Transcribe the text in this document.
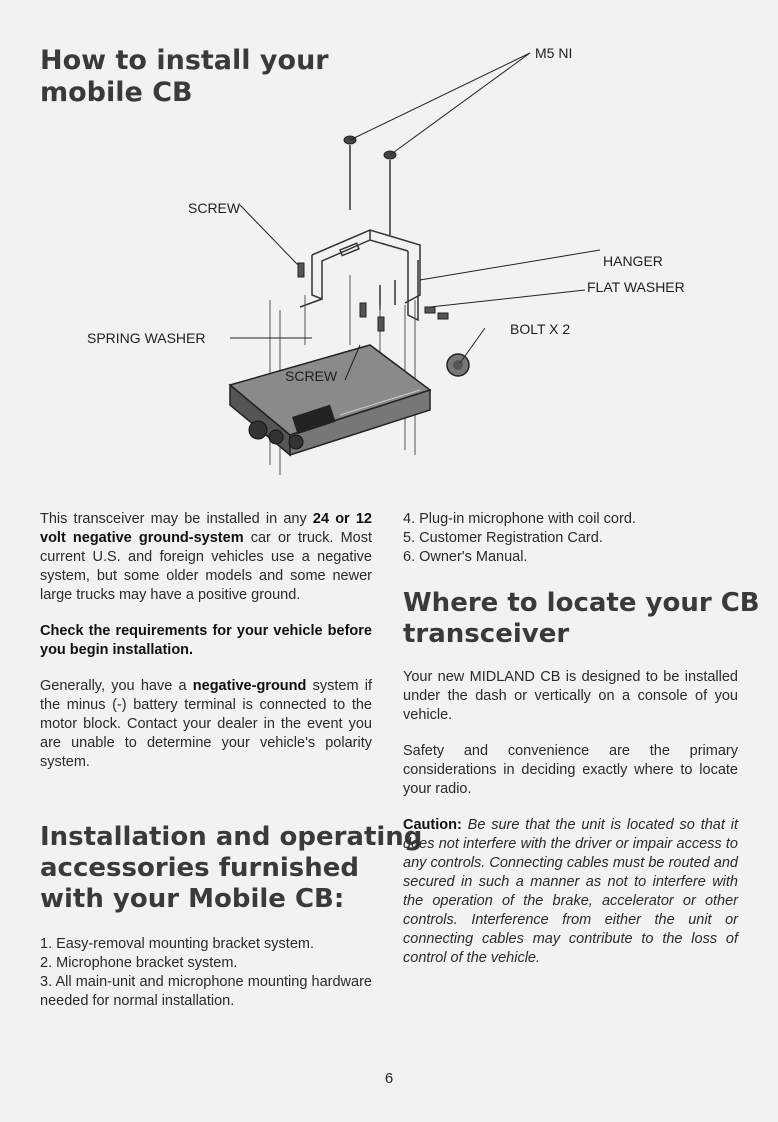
How to install your
mobile CB
M5 NI
SCREW
HANGER
FLAT WASHER
BOLT X 2
SPRING WASHER
SCREW

This transceiver may be installed in any 24 or 12 volt negative ground-system car or truck. Most current U.S. and foreign vehicles use a negative system, but some older models and some newer large trucks may have a positive ground.

Check the requirements for your vehicle before you begin installation.

Generally, you have a negative-ground system if the minus (-) battery terminal is connected to the motor block. Contact your dealer in the event you are unable to determine your vehicle's polarity system.

Installation and operating
accessories furnished
with your Mobile CB:
1. Easy-removal mounting bracket system.
2. Microphone bracket system.
3. All main-unit and microphone mounting hardware needed for normal installation.
4. Plug-in microphone with coil cord.
5. Customer Registration Card.
6. Owner's Manual.
Where to locate your CB
transceiver

Your new MIDLAND CB is designed to be installed under the dash or vertically on a console of you vehicle.

Safety and convenience are the primary considerations in deciding exactly where to locate your radio.

Caution: Be sure that the unit is located so that it does not interfere with the driver or impair access to any controls. Connecting cables must be routed and secured in such a manner as not to interfere with the operation of the brake, accelerator or other controls. Interference from either the unit or connecting cables may contribute to the loss of control of the vehicle.

6
